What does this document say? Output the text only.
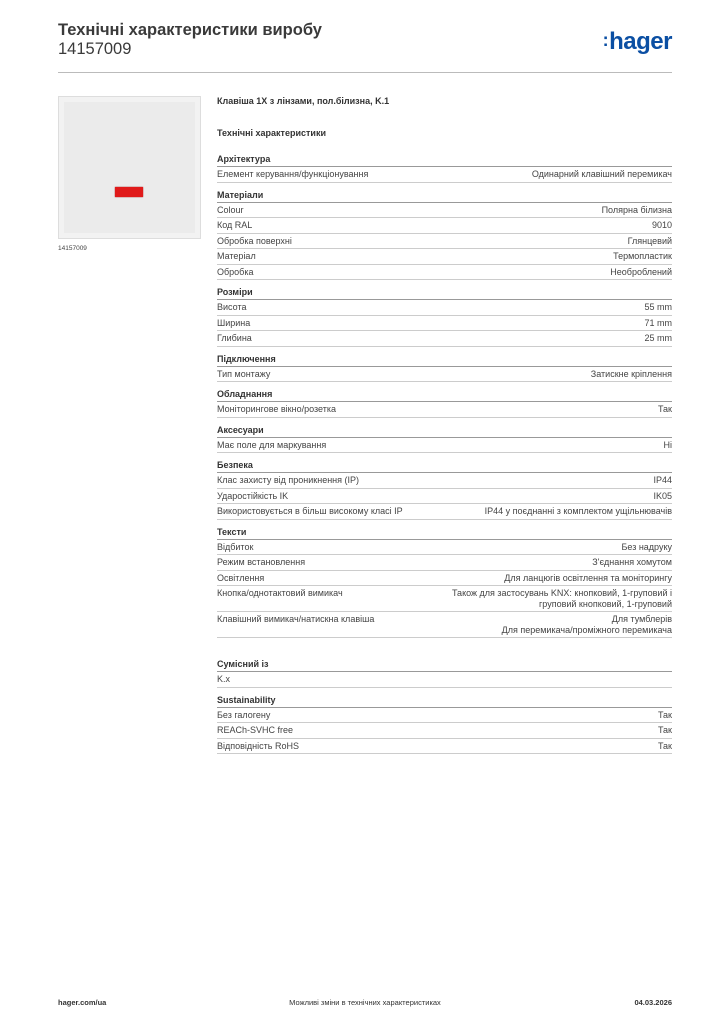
Технічні характеристики виробу
14157009	:hager
14157009
Клавіша 1X з лінзами, пол.білизна, K.1
Технічні характеристики
Архітектура
Елемент керування/функціонування	Одинарний клавішний перемикач
Матеріали
Colour	Полярна білизна
Код RAL	9010
Обробка поверхні	Глянцевий
Матеріал	Термопластик
Обробка	Необроблений
Розміри
Висота	55 mm
Ширина	71 mm
Глибина	25 mm
Підключення
Тип монтажу	Затискне кріплення
Обладнання
Моніторингове вікно/розетка	Так
Аксесуари
Має поле для маркування	Ні
Безпека
Клас захисту від проникнення (IP)	IP44
Ударостійкість IK	IK05
Використовується в більш високому класі IP	IP44 у поєднанні з комплектом ущільнювачів
Тексти
Відбиток	Без надруку
Режим встановлення	З'єднання хомутом
Освітлення	Для ланцюгів освітлення та моніторингу
Кнопка/однотактовий вимикач	Також для застосувань KNX: кнопковий, 1-груповий і
груповий кнопковий, 1-груповий
Клавішний вимикач/натискна клавіша	Для тумблерів
Для перемикача/проміжного перемикача
Сумісний із
K.x
Sustainability
Без галогену	Так
REACh-SVHC free	Так
Відповідність RoHS	Так
hager.com/ua	Можливі зміни в технічних характеристиках	04.03.2026
